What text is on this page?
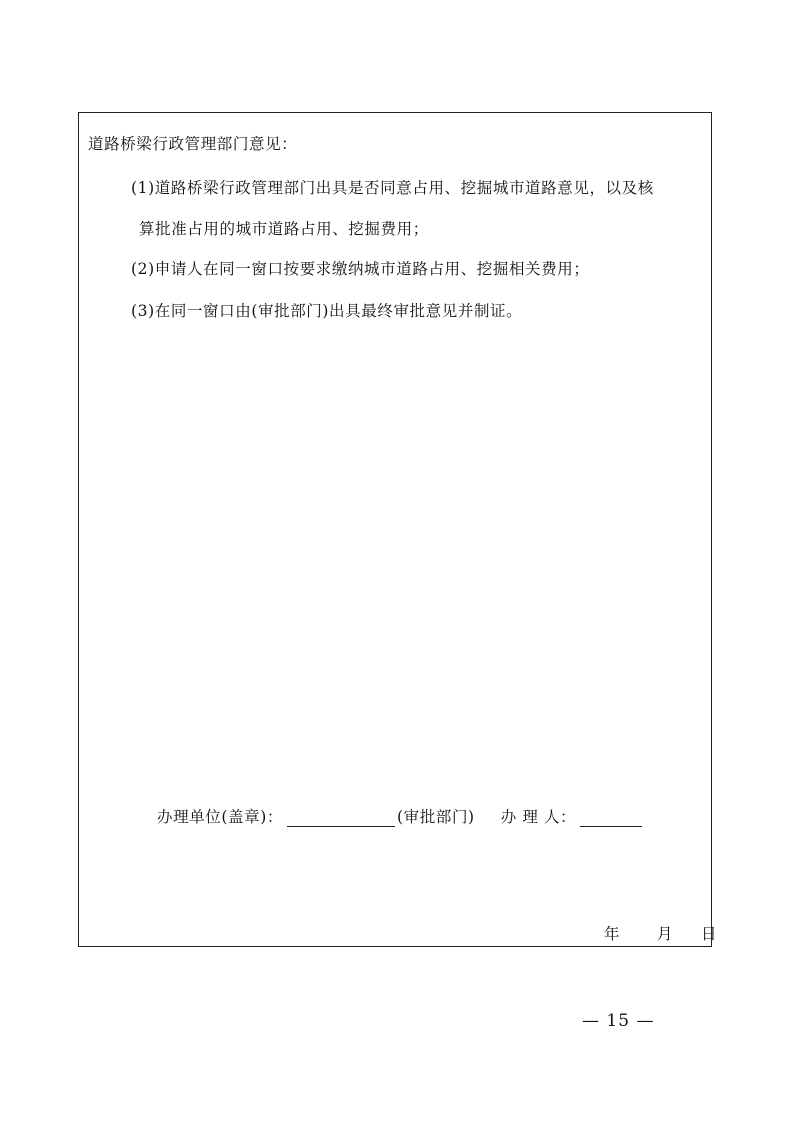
道路桥梁行政管理部门意见：
(1)道路桥梁行政管理部门出具是否同意占用、挖掘城市道路意见，以及核
算批准占用的城市道路占用、挖掘费用；
(2)申请人在同一窗口按要求缴纳城市道路占用、挖掘相关费用；
(3)在同一窗口由(审批部门)出具最终审批意见并制证。
办理单位(盖章)：	(审批部门) 办 理 人：
年 月 日
— 15 —
